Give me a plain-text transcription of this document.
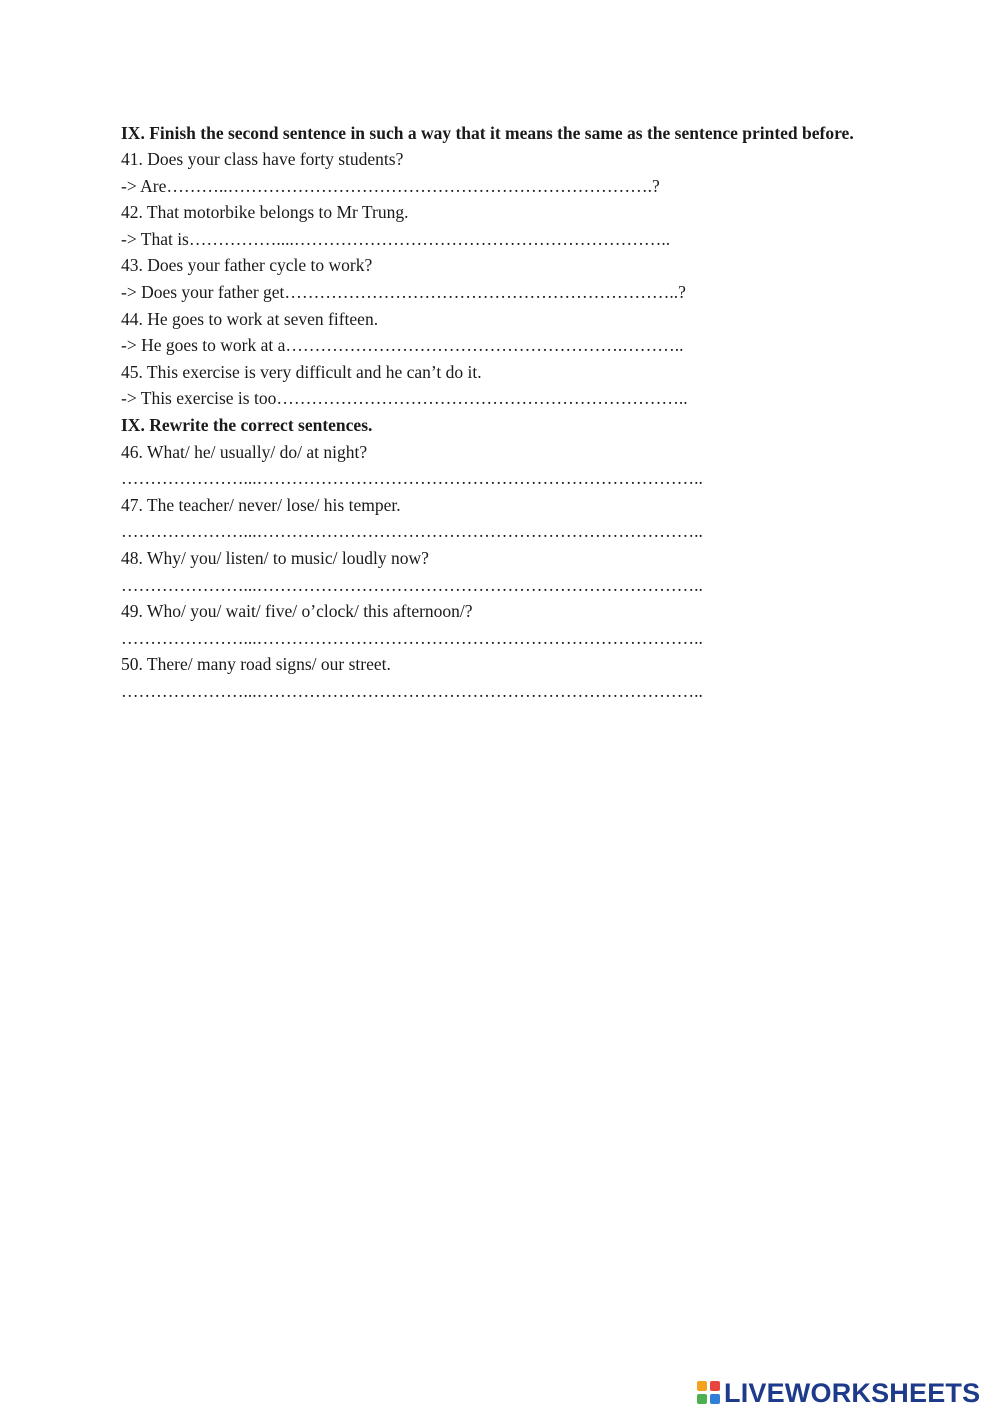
IX. Finish the second sentence in such a way that it means the same as the sentence printed before.

41. Does your class have forty students?

-> Are………..……………………………………………………………….?

42. That motorbike belongs to Mr Trung.

-> That is……………....………………………………………………………..

43. Does your father cycle to work?

-> Does your father get…………………………………………………………..?

44. He goes to work at seven fifteen.

-> He goes to work at a………………………………………………….………..

45. This exercise is very difficult and he can’t do it.

-> This exercise is too……………………………………………………………..

IX. Rewrite the correct sentences.

46. What/ he/ usually/ do/ at night?

…………………...…………………………………………………………………..

47. The teacher/ never/ lose/ his temper.

…………………...…………………………………………………………………..

48. Why/ you/ listen/ to music/ loudly now?

…………………...…………………………………………………………………..

49. Who/ you/ wait/ five/ o’clock/ this afternoon/?

…………………...…………………………………………………………………..

50. There/ many road signs/ our street.

…………………...…………………………………………………………………..

LIVEWORKSHEETS
